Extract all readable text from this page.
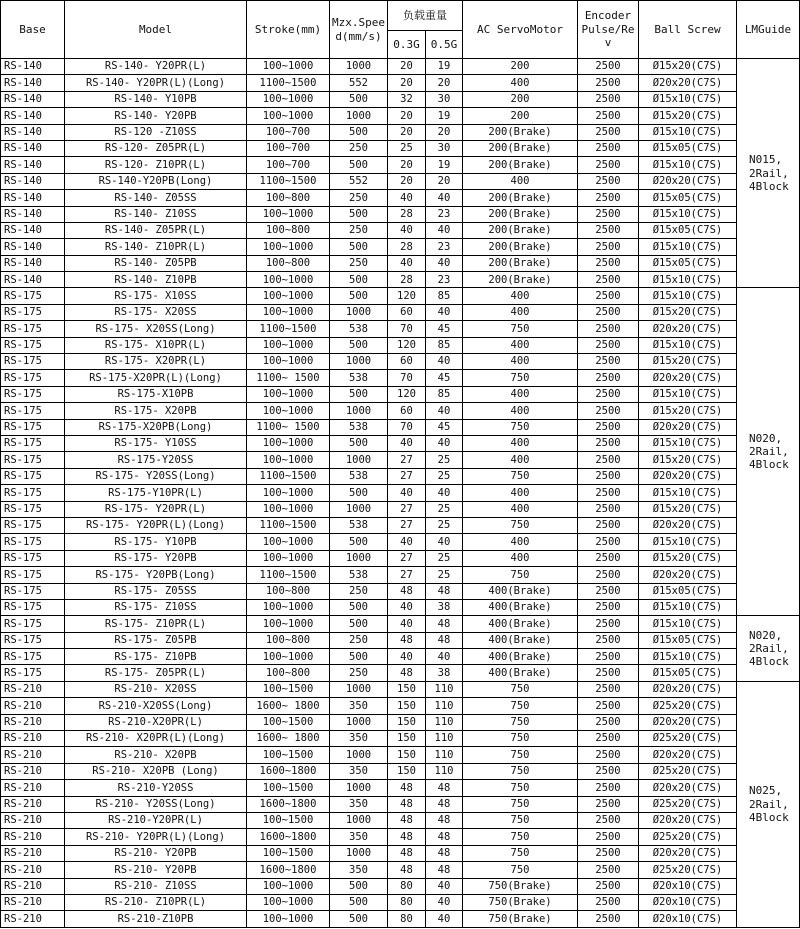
Base	Model	Stroke(mm)	Mzx.Speed(mm/s)	负载重量		AC ServoMotor	Encoder Pulse/Rev	Ball Screw	LMGuide
				0.3G	0.5G				
RS-140	RS-140- Y20PR(L)	100~1000	1000	20	19	200	2500	Ø15x20(C7S)	N015, 2Rail, 4Block
RS-140	RS-140- Y20PR(L)(Long)	1100~1500	552	20	20	400	2500	Ø20x20(C7S)	
RS-140	RS-140- Y10PB	100~1000	500	32	30	200	2500	Ø15x10(C7S)	
RS-140	RS-140- Y20PB	100~1000	1000	20	19	200	2500	Ø15x20(C7S)	
RS-140	RS-120 -Z10SS	100~700	500	20	20	200(Brake)	2500	Ø15x10(C7S)	
RS-140	RS-120- Z05PR(L)	100~700	250	25	30	200(Brake)	2500	Ø15x05(C7S)	
RS-140	RS-120- Z10PR(L)	100~700	500	20	19	200(Brake)	2500	Ø15x10(C7S)	
RS-140	RS-140-Y20PB(Long)	1100~1500	552	20	20	400	2500	Ø20x20(C7S)	
RS-140	RS-140- Z05SS	100~800	250	40	40	200(Brake)	2500	Ø15x05(C7S)	
RS-140	RS-140- Z10SS	100~1000	500	28	23	200(Brake)	2500	Ø15x10(C7S)	
RS-140	RS-140- Z05PR(L)	100~800	250	40	40	200(Brake)	2500	Ø15x05(C7S)	
RS-140	RS-140- Z10PR(L)	100~1000	500	28	23	200(Brake)	2500	Ø15x10(C7S)	
RS-140	RS-140- Z05PB	100~800	250	40	40	200(Brake)	2500	Ø15x05(C7S)	
RS-140	RS-140- Z10PB	100~1000	500	28	23	200(Brake)	2500	Ø15x10(C7S)	
RS-175	RS-175- X10SS	100~1000	500	120	85	400	2500	Ø15x10(C7S)	N020, 2Rail, 4Block
RS-175	RS-175- X20SS	100~1000	1000	60	40	400	2500	Ø15x20(C7S)	
RS-175	RS-175- X20SS(Long)	1100~1500	538	70	45	750	2500	Ø20x20(C7S)	
RS-175	RS-175- X10PR(L)	100~1000	500	120	85	400	2500	Ø15x10(C7S)	
RS-175	RS-175- X20PR(L)	100~1000	1000	60	40	400	2500	Ø15x20(C7S)	
RS-175	RS-175-X20PR(L)(Long)	1100~ 1500	538	70	45	750	2500	Ø20x20(C7S)	
RS-175	RS-175-X10PB	100~1000	500	120	85	400	2500	Ø15x10(C7S)	
RS-175	RS-175- X20PB	100~1000	1000	60	40	400	2500	Ø15x20(C7S)	
RS-175	RS-175-X20PB(Long)	1100~ 1500	538	70	45	750	2500	Ø20x20(C7S)	
RS-175	RS-175- Y10SS	100~1000	500	40	40	400	2500	Ø15x10(C7S)	
RS-175	RS-175-Y20SS	100~1000	1000	27	25	400	2500	Ø15x20(C7S)	
RS-175	RS-175- Y20SS(Long)	1100~1500	538	27	25	750	2500	Ø20x20(C7S)	
RS-175	RS-175-Y10PR(L)	100~1000	500	40	40	400	2500	Ø15x10(C7S)	
RS-175	RS-175- Y20PR(L)	100~1000	1000	27	25	400	2500	Ø15x20(C7S)	
RS-175	RS-175- Y20PR(L)(Long)	1100~1500	538	27	25	750	2500	Ø20x20(C7S)	
RS-175	RS-175- Y10PB	100~1000	500	40	40	400	2500	Ø15x10(C7S)	
RS-175	RS-175- Y20PB	100~1000	1000	27	25	400	2500	Ø15x20(C7S)	
RS-175	RS-175- Y20PB(Long)	1100~1500	538	27	25	750	2500	Ø20x20(C7S)	
RS-175	RS-175- Z05SS	100~800	250	48	48	400(Brake)	2500	Ø15x05(C7S)	
RS-175	RS-175- Z10SS	100~1000	500	40	38	400(Brake)	2500	Ø15x10(C7S)	
RS-175	RS-175- Z10PR(L)	100~1000	500	40	48	400(Brake)	2500	Ø15x10(C7S)	N020, 2Rail, 4Block
RS-175	RS-175- Z05PB	100~800	250	48	48	400(Brake)	2500	Ø15x05(C7S)	
RS-175	RS-175- Z10PB	100~1000	500	40	40	400(Brake)	2500	Ø15x10(C7S)	
RS-175	RS-175- Z05PR(L)	100~800	250	48	38	400(Brake)	2500	Ø15x05(C7S)	
RS-210	RS-210- X20SS	100~1500	1000	150	110	750	2500	Ø20x20(C7S)	N025, 2Rail, 4Block
RS-210	RS-210-X20SS(Long)	1600~ 1800	350	150	110	750	2500	Ø25x20(C7S)	
RS-210	RS-210-X20PR(L)	100~1500	1000	150	110	750	2500	Ø20x20(C7S)	
RS-210	RS-210- X20PR(L)(Long)	1600~ 1800	350	150	110	750	2500	Ø25x20(C7S)	
RS-210	RS-210- X20PB	100~1500	1000	150	110	750	2500	Ø20x20(C7S)	
RS-210	RS-210- X20PB (Long)	1600~1800	350	150	110	750	2500	Ø25x20(C7S)	
RS-210	RS-210-Y20SS	100~1500	1000	48	48	750	2500	Ø20x20(C7S)	
RS-210	RS-210- Y20SS(Long)	1600~1800	350	48	48	750	2500	Ø25x20(C7S)	
RS-210	RS-210-Y20PR(L)	100~1500	1000	48	48	750	2500	Ø20x20(C7S)	
RS-210	RS-210- Y20PR(L)(Long)	1600~1800	350	48	48	750	2500	Ø25x20(C7S)	
RS-210	RS-210- Y20PB	100~1500	1000	48	48	750	2500	Ø20x20(C7S)	
RS-210	RS-210- Y20PB	1600~1800	350	48	48	750	2500	Ø25x20(C7S)	
RS-210	RS-210- Z10SS	100~1000	500	80	40	750(Brake)	2500	Ø20x10(C7S)	
RS-210	RS-210- Z10PR(L)	100~1000	500	80	40	750(Brake)	2500	Ø20x10(C7S)	
RS-210	RS-210-Z10PB	100~1000	500	80	40	750(Brake)	2500	Ø20x10(C7S)	
